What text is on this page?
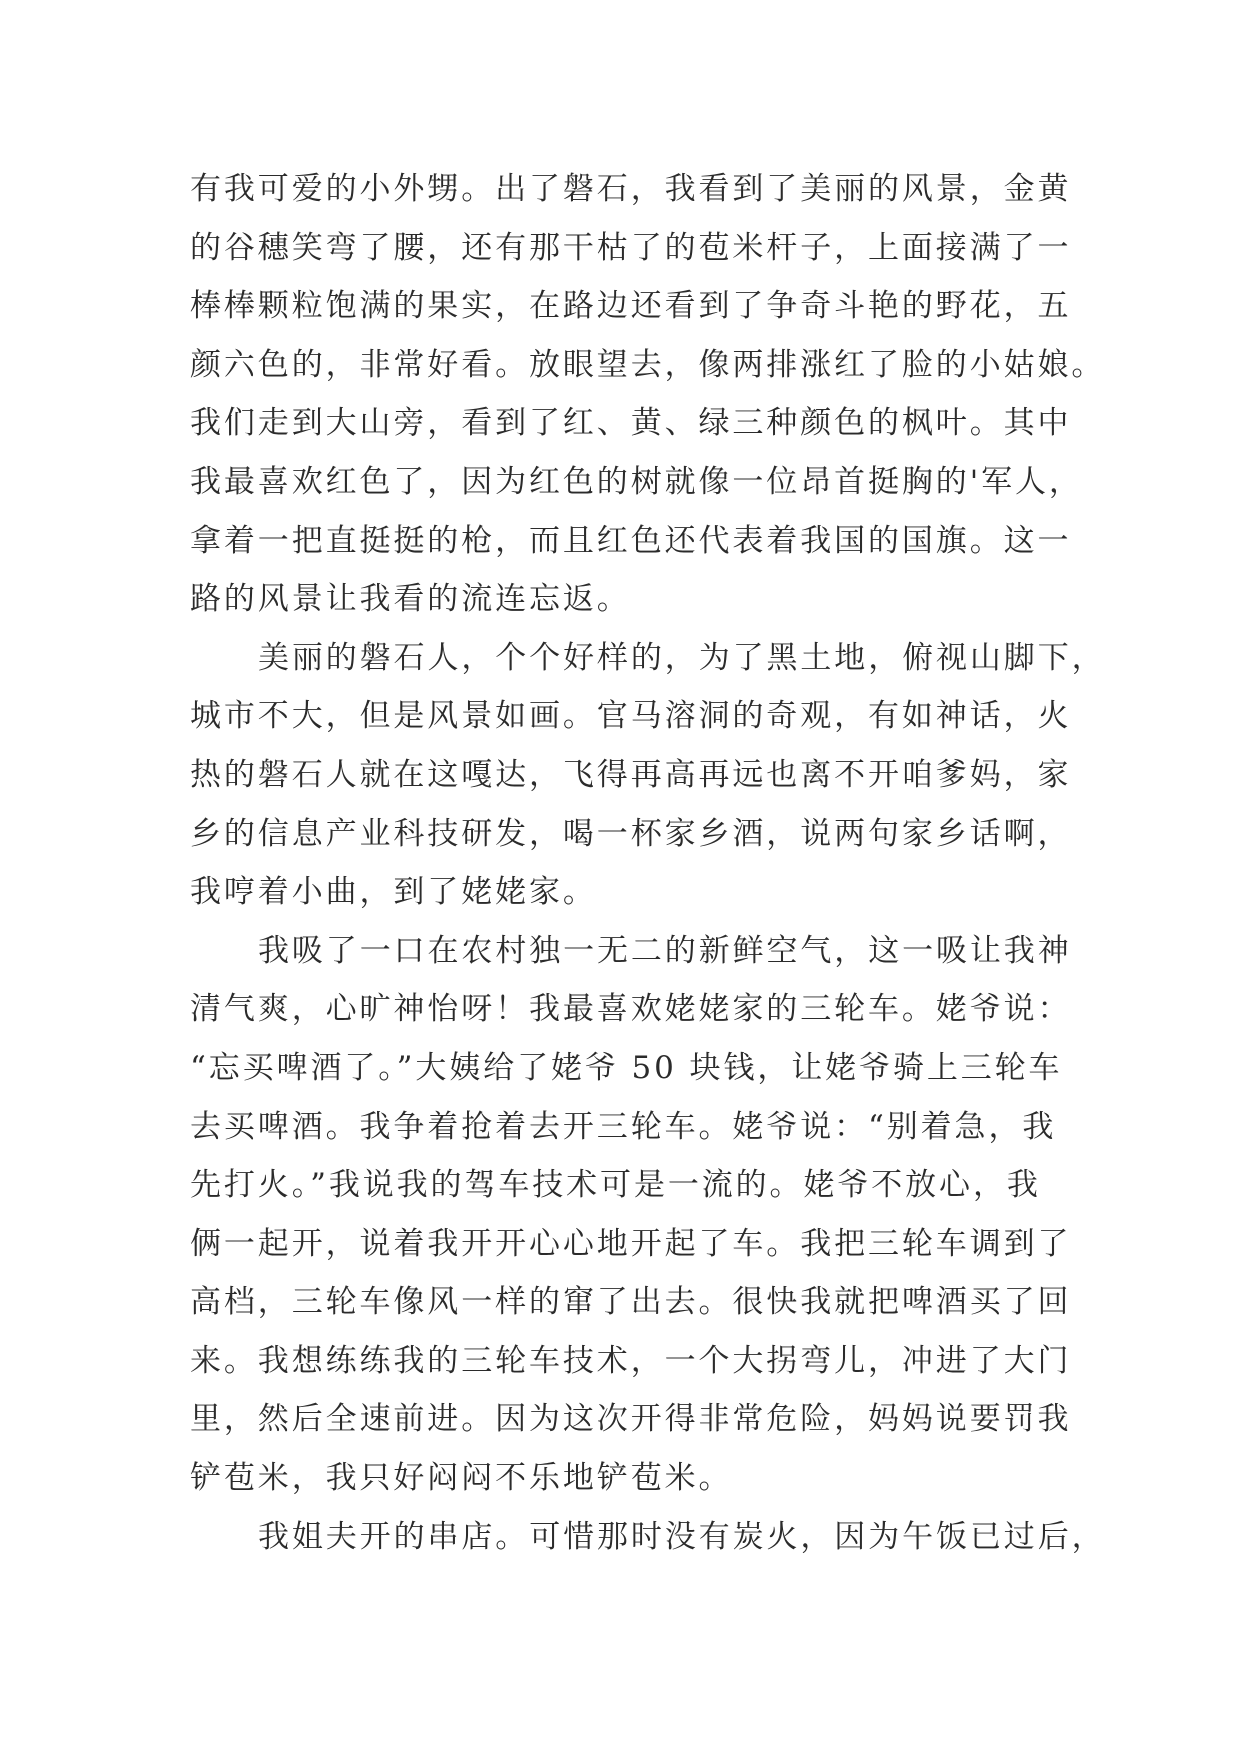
有我可爱的小外甥。出了磐石，我看到了美丽的风景，金黄
的谷穗笑弯了腰，还有那干枯了的苞米杆子，上面接满了一
棒棒颗粒饱满的果实，在路边还看到了争奇斗艳的野花，五
颜六色的，非常好看。放眼望去，像两排涨红了脸的小姑娘。
我们走到大山旁，看到了红、黄、绿三种颜色的枫叶。其中
我最喜欢红色了，因为红色的树就像一位昂首挺胸的'军人，
拿着一把直挺挺的枪，而且红色还代表着我国的国旗。这一
路的风景让我看的流连忘返。
美丽的磐石人，个个好样的，为了黑土地，俯视山脚下，
城市不大，但是风景如画。官马溶洞的奇观，有如神话，火
热的磐石人就在这嘎达，飞得再高再远也离不开咱爹妈，家
乡的信息产业科技研发，喝一杯家乡酒，说两句家乡话啊，
我哼着小曲，到了姥姥家。
我吸了一口在农村独一无二的新鲜空气，这一吸让我神
清气爽，心旷神怡呀！我最喜欢姥姥家的三轮车。姥爷说：
“忘买啤酒了。”大姨给了姥爷 50 块钱，让姥爷骑上三轮车
去买啤酒。我争着抢着去开三轮车。姥爷说：“别着急，我
先打火。”我说我的驾车技术可是一流的。姥爷不放心，我
俩一起开，说着我开开心心地开起了车。我把三轮车调到了
高档，三轮车像风一样的窜了出去。很快我就把啤酒买了回
来。我想练练我的三轮车技术，一个大拐弯儿，冲进了大门
里，然后全速前进。因为这次开得非常危险，妈妈说要罚我
铲苞米，我只好闷闷不乐地铲苞米。
我姐夫开的串店。可惜那时没有炭火，因为午饭已过后，
